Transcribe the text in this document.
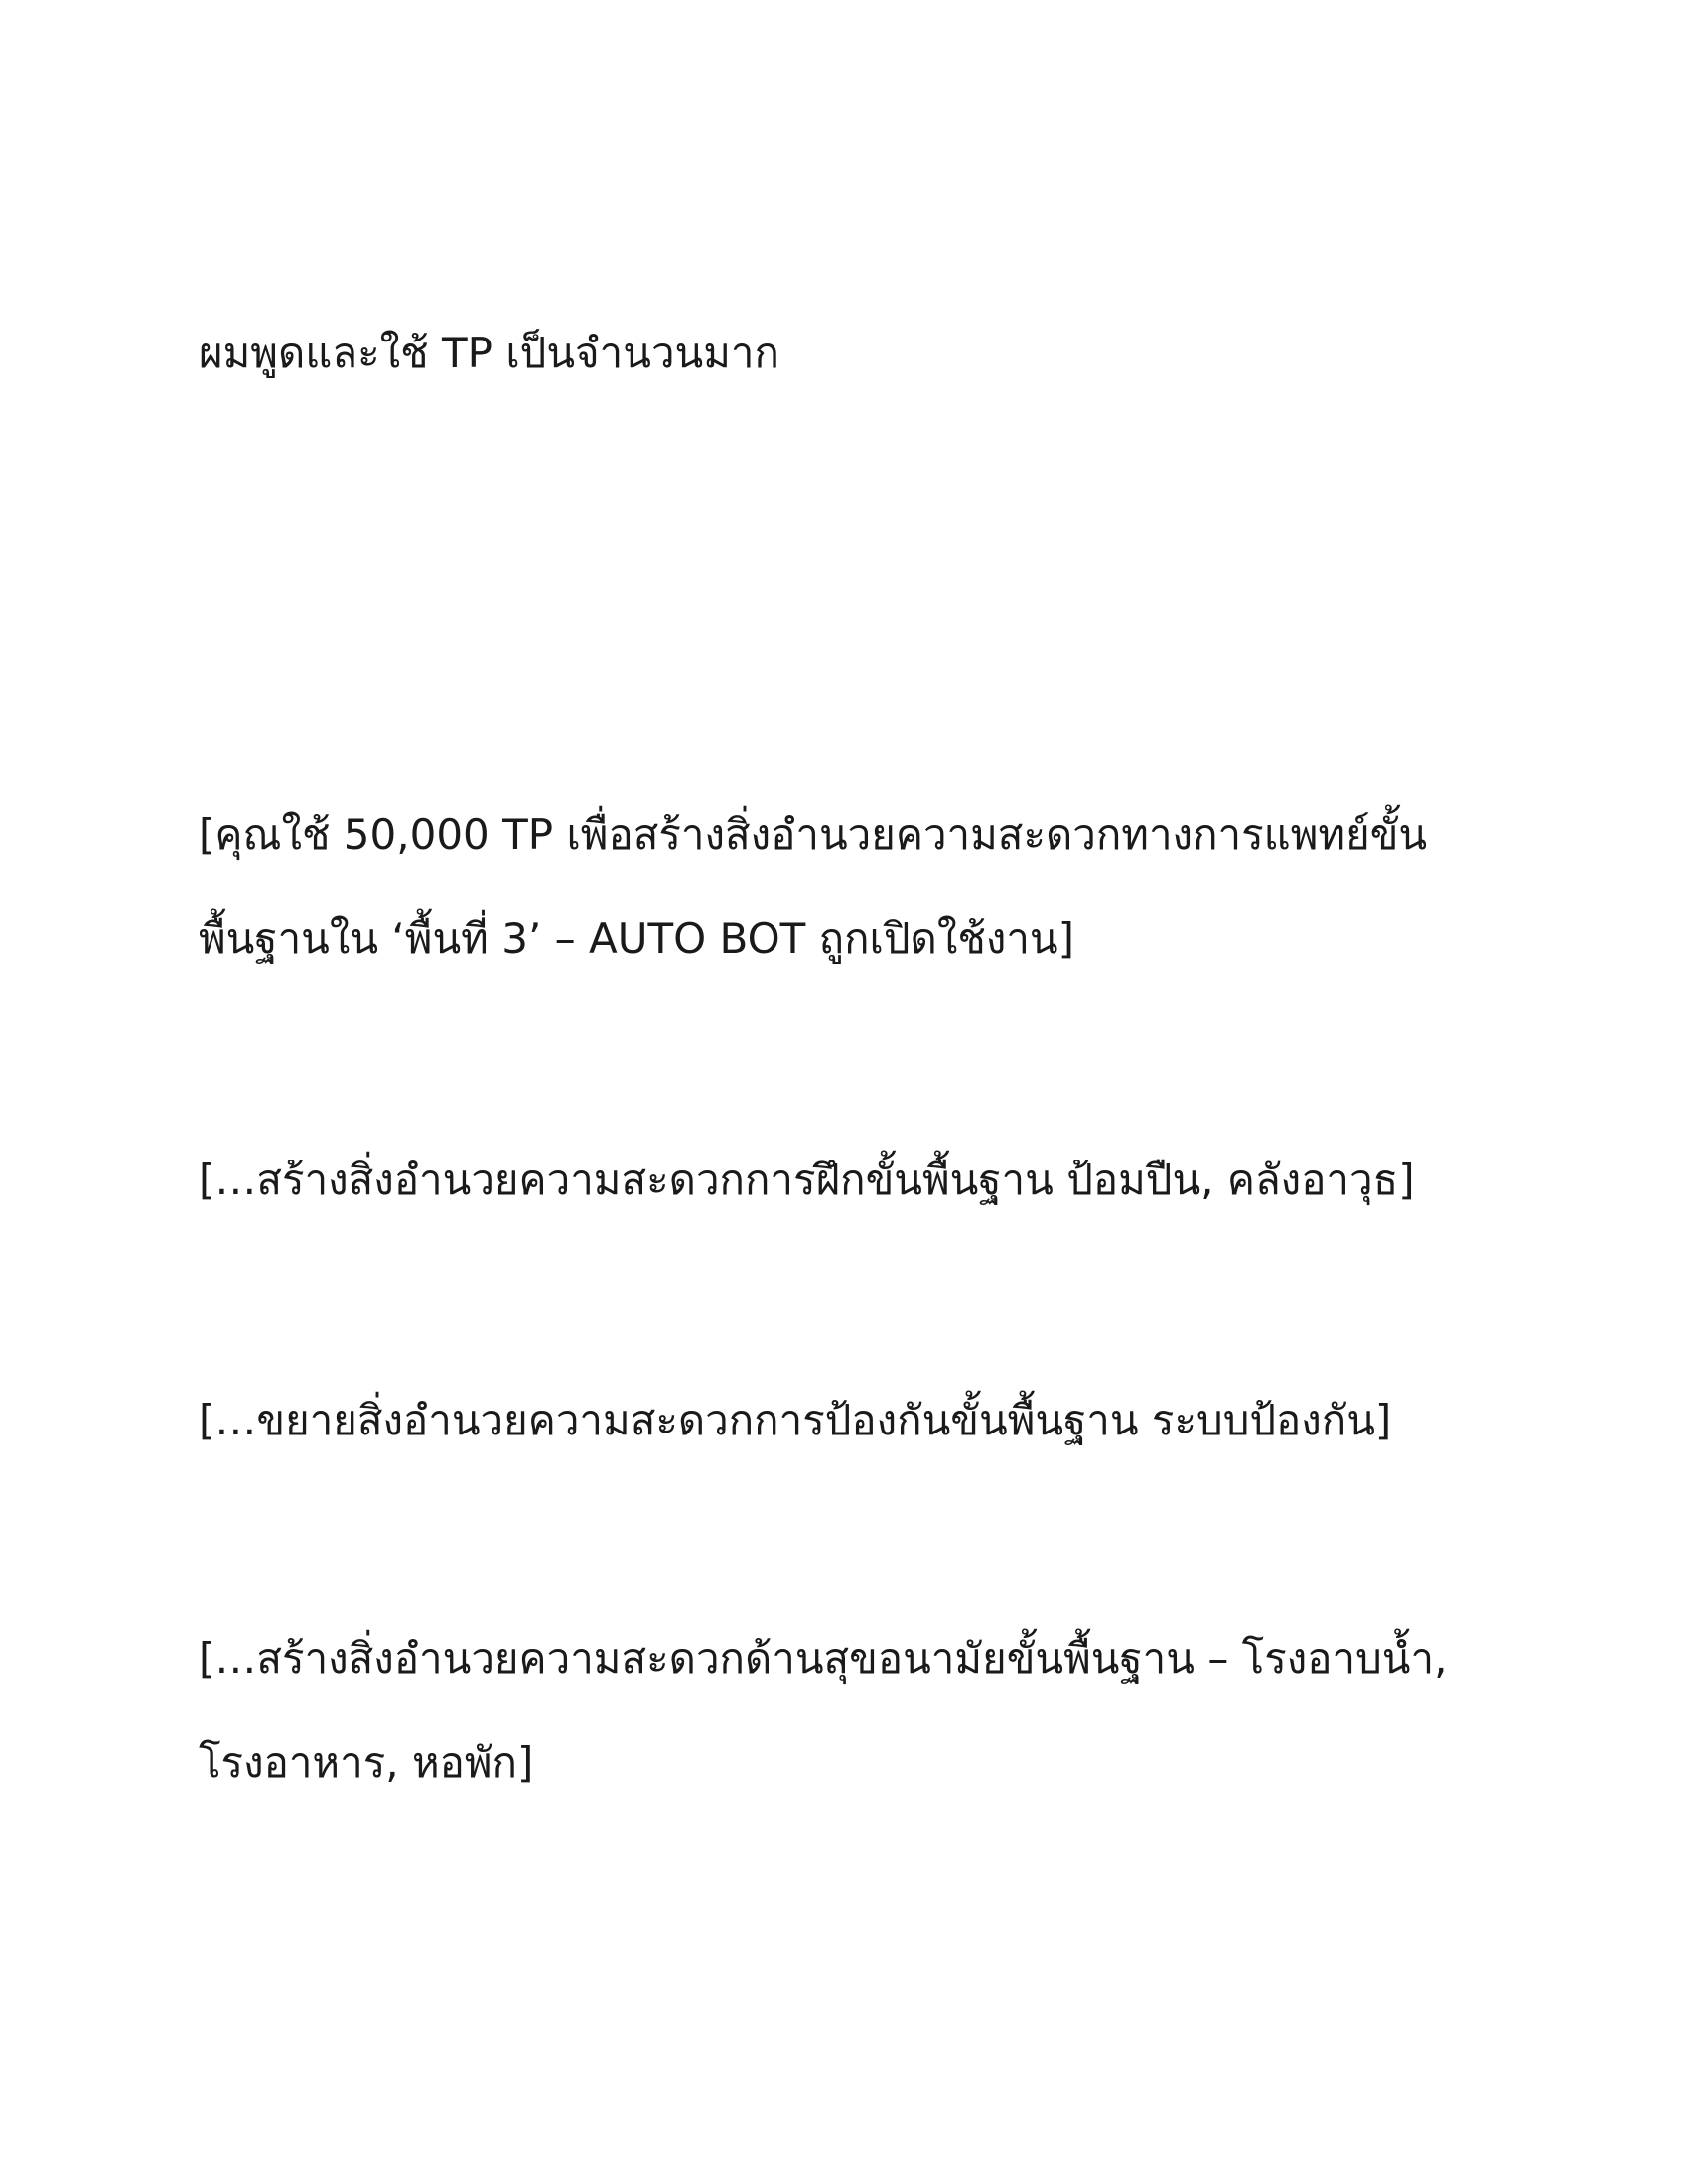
ผมพูดและใช้ TP เป็นจำนวนมาก

[คุณใช้ 50,000 TP เพื่อสร้างสิ่งอำนวยความสะดวกทางการแพทย์ขั้น

พื้นฐานใน ‘พื้นที่ 3’ – AUTO BOT ถูกเปิดใช้งาน]

[…สร้างสิ่งอำนวยความสะดวกการฝึกขั้นพื้นฐาน ป้อมปืน, คลังอาวุธ]

[…ขยายสิ่งอำนวยความสะดวกการป้องกันขั้นพื้นฐาน ระบบป้องกัน]

[…สร้างสิ่งอำนวยความสะดวกด้านสุขอนามัยขั้นพื้นฐาน – โรงอาบน้ำ,

โรงอาหาร, หอพัก]
